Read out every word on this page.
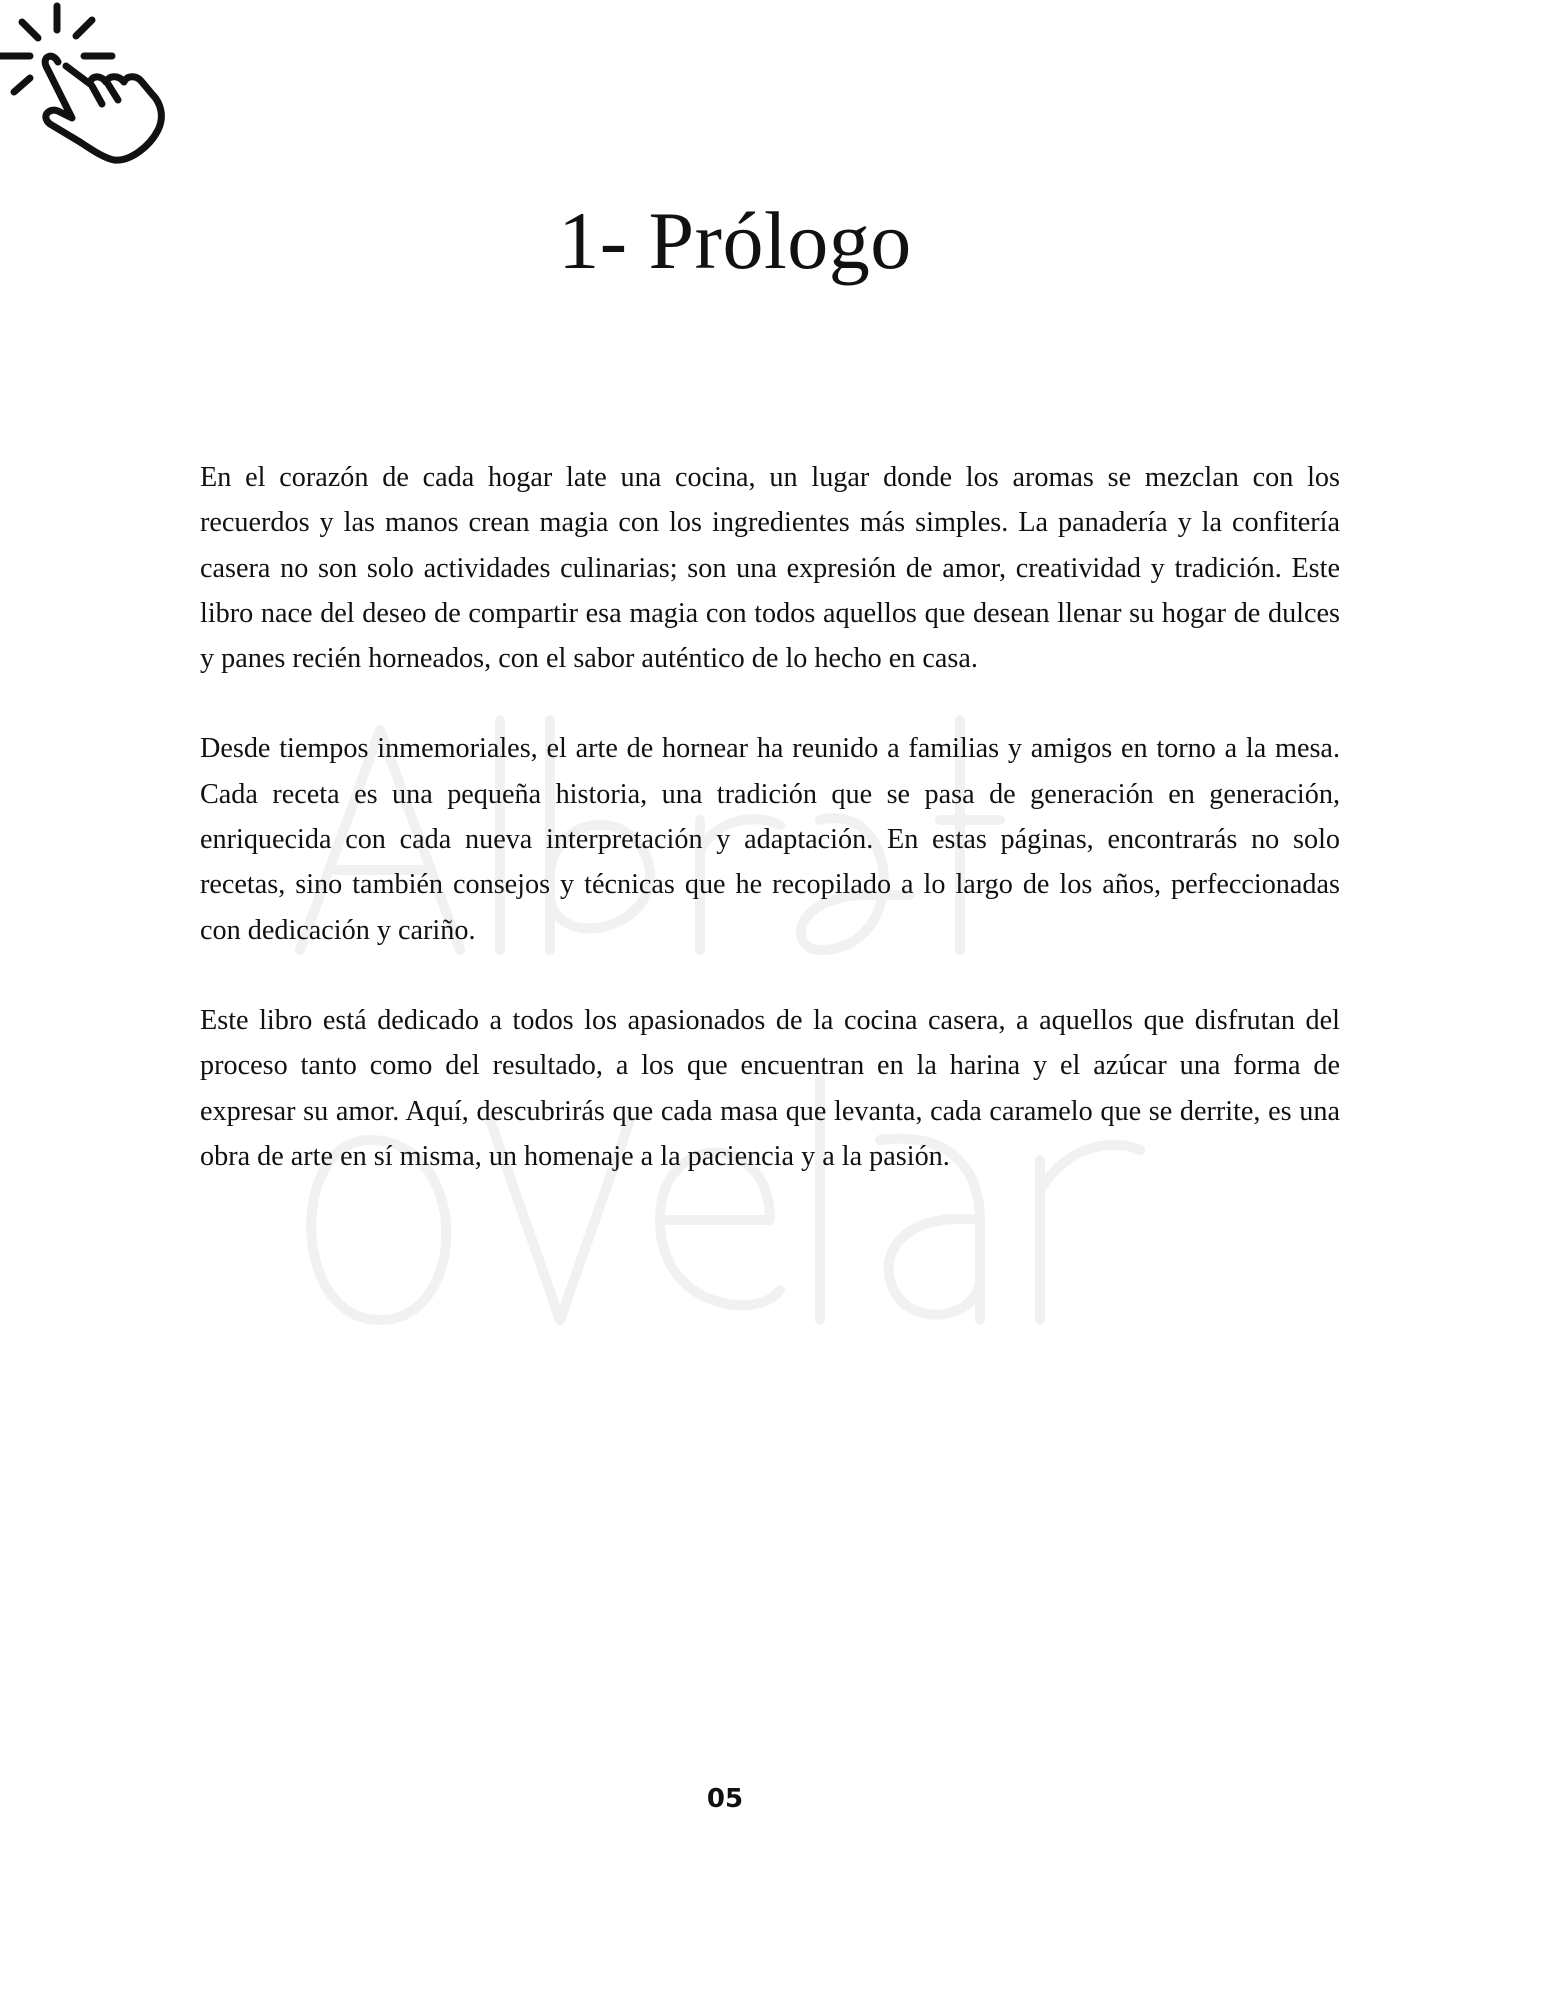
1- Prólogo

En el corazón de cada hogar late una cocina, un lugar donde los aromas se mezclan con los recuerdos y las manos crean magia con los ingredientes más simples. La panadería y la confitería casera no son solo actividades culinarias; son una expresión de amor, creatividad y tradición. Este libro nace del deseo de compartir esa magia con todos aquellos que desean llenar su hogar de dulces y panes recién horneados, con el sabor auténtico de lo hecho en casa.

Desde tiempos inmemoriales, el arte de hornear ha reunido a familias y amigos en torno a la mesa. Cada receta es una pequeña historia, una tradición que se pasa de generación en generación, enriquecida con cada nueva interpretación y adaptación. En estas páginas, encontrarás no solo recetas, sino también consejos y técnicas que he recopilado a lo largo de los años, perfeccionadas con dedicación y cariño.

Este libro está dedicado a todos los apasionados de la cocina casera, a aquellos que disfrutan del proceso tanto como del resultado, a los que encuentran en la harina y el azúcar una forma de expresar su amor. Aquí, descubrirás que cada masa que levanta, cada caramelo que se derrite, es una obra de arte en sí misma, un homenaje a la paciencia y a la pasión.

05
